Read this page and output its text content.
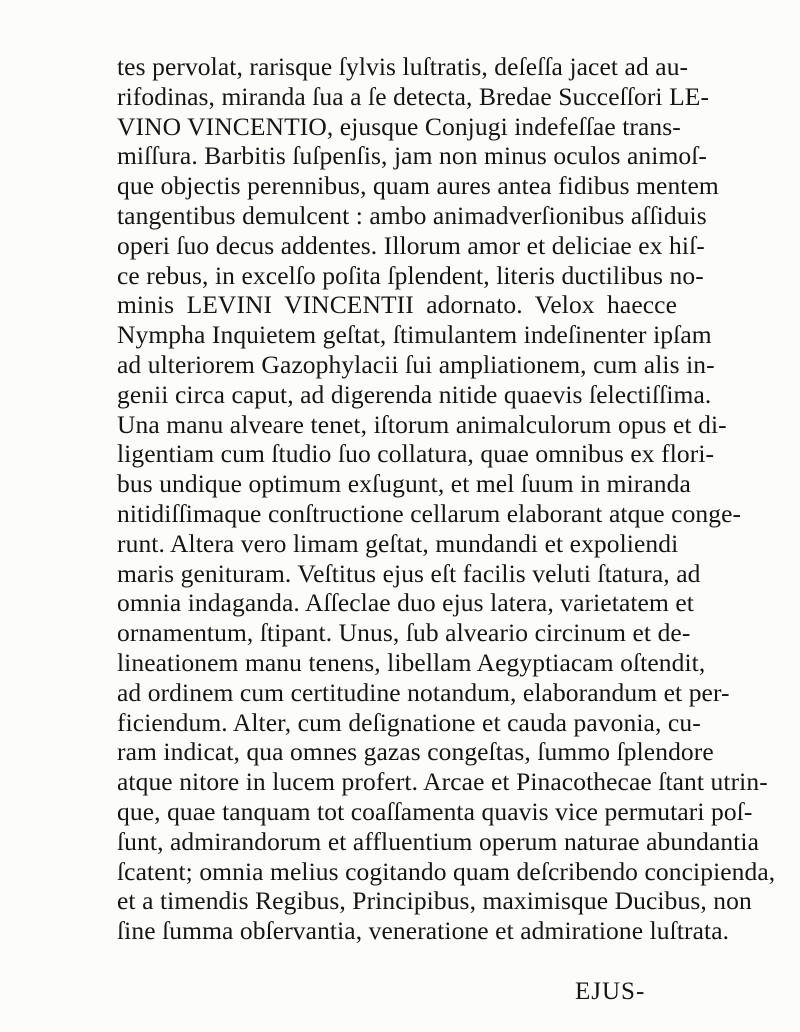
tes pervolat, rarisque ſylvis luſtratis, deſeſſa jacet ad au-
rifodinas, miranda ſua a ſe detecta, Bredae Succeſſori LE-
VINO VINCENTIO, ejusque Conjugi indefeſſae trans-
miſſura. Barbitis ſuſpenſis, jam non minus oculos animoſ-
que objectis perennibus, quam aures antea fidibus mentem
tangentibus demulcent : ambo animadverſionibus aſſiduis
operi ſuo decus addentes. Illorum amor et deliciae ex hiſ-
ce rebus, in excelſo poſita ſplendent, literis ductilibus no-
minis LEVINI VINCENTII adornato. Velox haecce
Nympha Inquietem geſtat, ſtimulantem indeſinenter ipſam
ad ulteriorem Gazophylacii ſui ampliationem, cum alis in-
genii circa caput, ad digerenda nitide quaevis ſelectiſſima.
Una manu alveare tenet, iſtorum animalculorum opus et di-
ligentiam cum ſtudio ſuo collatura, quae omnibus ex flori-
bus undique optimum exſugunt, et mel ſuum in miranda
nitidiſſimaque conſtructione cellarum elaborant atque conge-
runt. Altera vero limam geſtat, mundandi et expoliendi
maris genituram. Veſtitus ejus eſt facilis veluti ſtatura, ad
omnia indaganda. Aſſeclae duo ejus latera, varietatem et
ornamentum, ſtipant. Unus, ſub alveario circinum et de-
lineationem manu tenens, libellam Aegyptiacam oſtendit,
ad ordinem cum certitudine notandum, elaborandum et per-
ficiendum. Alter, cum deſignatione et cauda pavonia, cu-
ram indicat, qua omnes gazas congeſtas, ſummo ſplendore
atque nitore in lucem profert. Arcae et Pinacothecae ſtant utrin-
que, quae tanquam tot coaſſamenta quavis vice permutari poſ-
ſunt, admirandorum et affluentium operum naturae abundantia
ſcatent; omnia melius cogitando quam deſcribendo concipienda,
et a timendis Regibus, Principibus, maximisque Ducibus, non
ſine ſumma obſervantia, veneratione et admiratione luſtrata.
EJUS-
